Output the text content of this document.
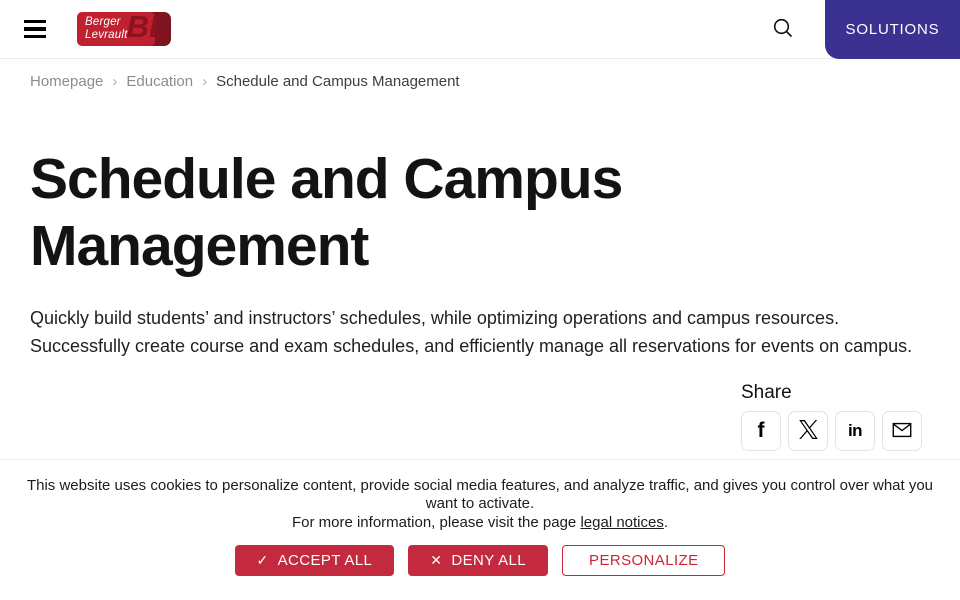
Berger
Levrault BL	SOLUTIONS
Homepage › Education › Schedule and Campus Management
Schedule and Campus Management

Quickly build students’ and instructors’ schedules, while optimizing operations and campus resources. Successfully create course and exam schedules, and efficiently manage all reservations for events on campus.

Share
f	in

This website uses cookies to personalize content, provide social media features, and analyze traffic, and gives you control over what you want to activate.

For more information, please visit the page legal notices.

✓ ACCEPT ALL	✕ DENY ALL	PERSONALIZE
